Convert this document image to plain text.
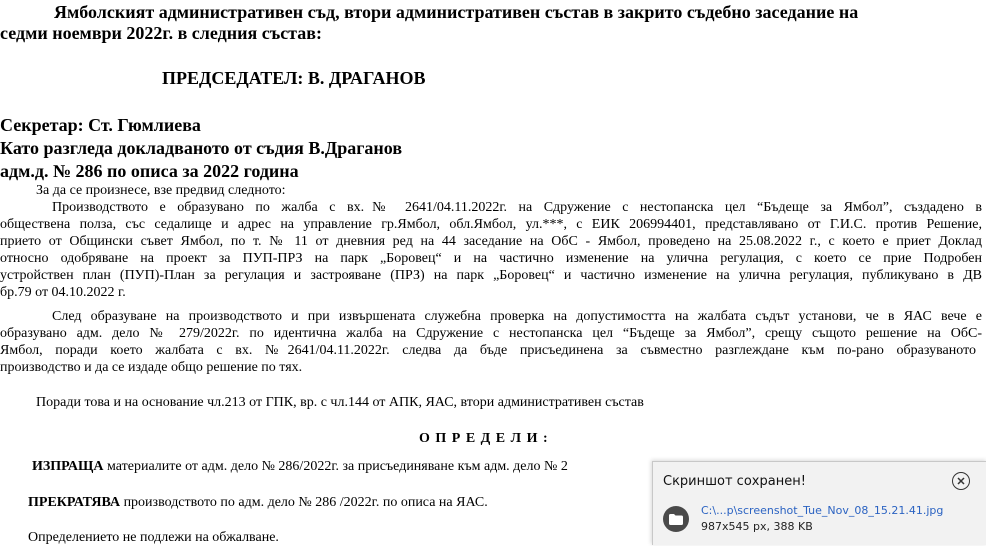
Ямболският административен съд, втори административен състав в закрито съдебно заседание на
седми ноември 2022г. в следния състав:
ПРЕДСЕДАТЕЛ: В. ДРАГАНОВ
Секретар: Ст. Гюмлиева
Като разгледа докладваното от съдия В.Драганов
адм.д. № 286 по описа за 2022 година
За да се произнесе, взе предвид следното:
Производството е образувано по жалба с вх.№ 2641/04.11.2022г. на Сдружение с нестопанска цел “Бъдеще за Ямбол”, създадено в
обществена полза, със седалище и адрес на управление гр.Ямбол, обл.Ямбол, ул.***, с ЕИК 206994401, представлявано от Г.И.С. против Решение,
прието от Общински съвет Ямбол, по т. № 11 от дневния ред на 44 заседание на ОбС - Ямбол, проведено на 25.08.2022 г., с което е приет Доклад
относно одобряване на проект за ПУП-ПРЗ на парк „Боровец“ и на частично изменение на улична регулация, с което се прие Подробен
устройствен план (ПУП)-План за регулация и застрояване (ПРЗ) на парк „Боровец“ и частично изменение на улична регулация, публикувано в ДВ
бр.79 от 04.10.2022 г.
След образуване на производството и при извършената служебна проверка на допустимостта на жалбата съдът установи, че в ЯАС вече е
образувано адм. дело № 279/2022г. по идентична жалба на Сдружение с нестопанска цел “Бъдеще за Ямбол”, срещу същото решение на ОбС-
Ямбол, поради което жалбата с вх. №2641/04.11.2022г. следва да бъде присъединена за съвместно разглеждане към по-рано образуваното
производство и да се издаде общо решение по тях.
Поради това и на основание чл.213 от ГПК, вр. с чл.144 от АПК, ЯАС, втори административен състав
О П Р Е Д Е Л И :
ИЗПРАЩА материалите от адм. дело № 286/2022г. за присъединяване към адм. дело № 2
ПРЕКРАТЯВА производството по адм. дело № 286 /2022г. по описа на ЯАС.
Определението не подлежи на обжалване.
Скриншот сохранен!
C:\...p\screenshot_Tue_Nov_08_15.21.41.jpg
987x545 px, 388 KB
